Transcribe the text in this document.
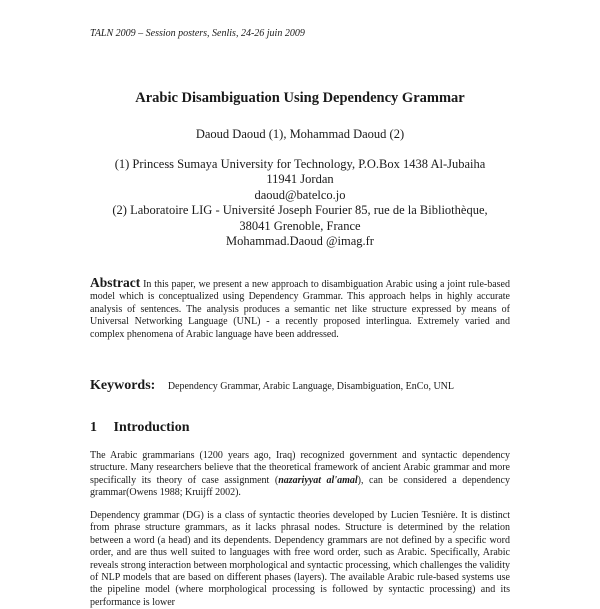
TALN 2009 – Session posters, Senlis, 24-26 juin 2009
Arabic Disambiguation Using Dependency Grammar
Daoud Daoud (1), Mohammad Daoud (2)
(1) Princess Sumaya University for Technology, P.O.Box 1438 Al-Jubaiha
11941 Jordan
daoud@batelco.jo
(2) Laboratoire LIG - Université Joseph Fourier 85, rue de la Bibliothèque,
38041 Grenoble, France
Mohammad.Daoud @imag.fr
Abstract In this paper, we present a new approach to disambiguation Arabic using a joint rule-based model which is conceptualized using Dependency Grammar. This approach helps in highly accurate analysis of sentences. The analysis produces a semantic net like structure expressed by means of Universal Networking Language (UNL) - a recently proposed interlingua. Extremely varied and complex phenomena of Arabic language have been addressed.
Keywords: Dependency Grammar, Arabic Language, Disambiguation, EnCo, UNL
1 Introduction
The Arabic grammarians (1200 years ago, Iraq) recognized government and syntactic dependency structure. Many researchers believe that the theoretical framework of ancient Arabic grammar and more specifically its theory of case assignment (nazariyyat al'amal), can be considered a dependency grammar(Owens 1988; Kruijff 2002).
Dependency grammar (DG) is a class of syntactic theories developed by Lucien Tesnière. It is distinct from phrase structure grammars, as it lacks phrasal nodes. Structure is determined by the relation between a word (a head) and its dependents. Dependency grammars are not defined by a specific word order, and are thus well suited to languages with free word order, such as Arabic. Specifically, Arabic reveals strong interaction between morphological and syntactic processing, which challenges the validity of NLP models that are based on different phases (layers). The available Arabic rule-based systems use the pipeline model (where morphological processing is followed by syntactic processing) and its performance is lower
